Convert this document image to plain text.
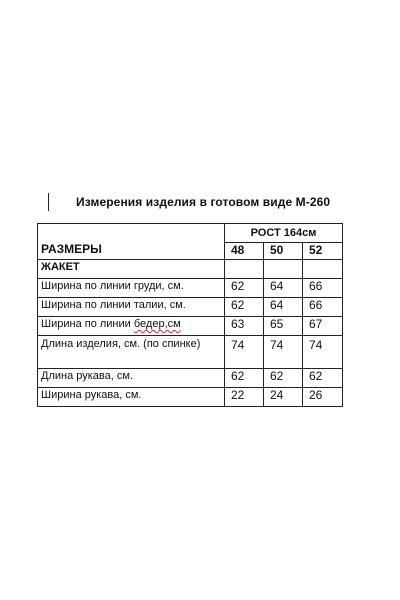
Измерения изделия в готовом виде М-260
РАЗМЕРЫ	РОСТ 164см		
	48	50	52
ЖАКЕТ			
Ширина по линии груди, см.	62	64	66
Ширина по линии талии, см.	62	64	66
Ширина по линии бедер,см	63	65	67
Длина изделия, см. (по спинке)	74	74	74
Длина рукава, см.	62	62	62
Ширина рукава, см.	22	24	26
